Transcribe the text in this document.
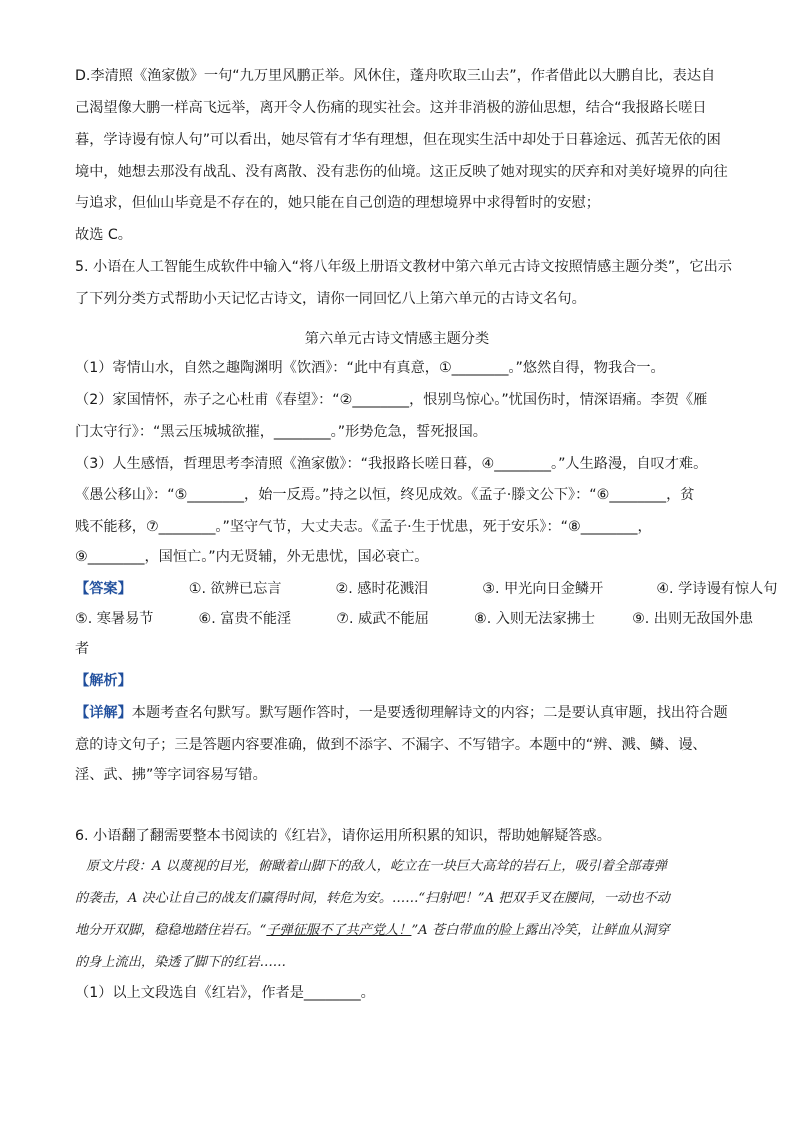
D.李清照《渔家傲》一句“九万里风鹏正举。风休住，蓬舟吹取三山去”，作者借此以大鹏自比，表达自
己渴望像大鹏一样高飞远举，离开令人伤痛的现实社会。这并非消极的游仙思想，结合“我报路长嗟日
暮，学诗谩有惊人句”可以看出，她尽管有才华有理想，但在现实生活中却处于日暮途远、孤苦无依的困
境中，她想去那没有战乱、没有离散、没有悲伤的仙境。这正反映了她对现实的厌弃和对美好境界的向往
与追求，但仙山毕竟是不存在的，她只能在自己创造的理想境界中求得暂时的安慰；
故选 C。
5. 小语在人工智能生成软件中输入“将八年级上册语文教材中第六单元古诗文按照情感主题分类”，它出示
了下列分类方式帮助小天记忆古诗文，请你一同回忆八上第六单元的古诗文名句。
第六单元古诗文情感主题分类
（1）寄情山水，自然之趣陶渊明《饮酒》：“此中有真意，①________。”悠然自得，物我合一。
（2）家国情怀，赤子之心杜甫《春望》：“②________，恨别鸟惊心。”忧国伤时，情深语痛。李贺《雁
门太守行》：“黑云压城城欲摧，________。”形势危急，誓死报国。
（3）人生感悟，哲理思考李清照《渔家傲》：“我报路长嗟日暮，④________。”人生路漫，自叹才难。
《愚公移山》：“⑤________，始一反焉。”持之以恒，终见成效。《孟子·滕文公下》：“⑥________，贫
贱不能移，⑦________。”坚守气节，大丈夫志。《孟子·生于忧患，死于安乐》：“⑧________，
⑨________，国恒亡。”内无贤辅，外无患忧，国必衰亡。
【答案】	①. 欲辨已忘言	②. 感时花溅泪	③. 甲光向日金鳞开	④. 学诗谩有惊人句
⑤. 寒暑易节	⑥. 富贵不能淫	⑦. 威武不能屈	⑧. 入则无法家拂士	⑨. 出则无敌国外患
者
【解析】
【详解】本题考查名句默写。默写题作答时，一是要透彻理解诗文的内容；二是要认真审题，找出符合题
意的诗文句子；三是答题内容要准确，做到不添字、不漏字、不写错字。本题中的“辨、溅、鳞、谩、
淫、武、拂”等字词容易写错。
6. 小语翻了翻需要整本书阅读的《红岩》，请你运用所积累的知识，帮助她解疑答惑。
原文片段：A 以蔑视的目光，俯瞰着山脚下的敌人，屹立在一块巨大高耸的岩石上，吸引着全部毒弹
的袭击，A 决心让自己的战友们赢得时间，转危为安。……“扫射吧！”A 把双手叉在腰间，一动也不动
地分开双脚，稳稳地踏住岩石。“子弹征服不了共产党人！”A 苍白带血的脸上露出冷笑，让鲜血从洞穿
的身上流出，染透了脚下的红岩……
（1）以上文段选自《红岩》，作者是________。
